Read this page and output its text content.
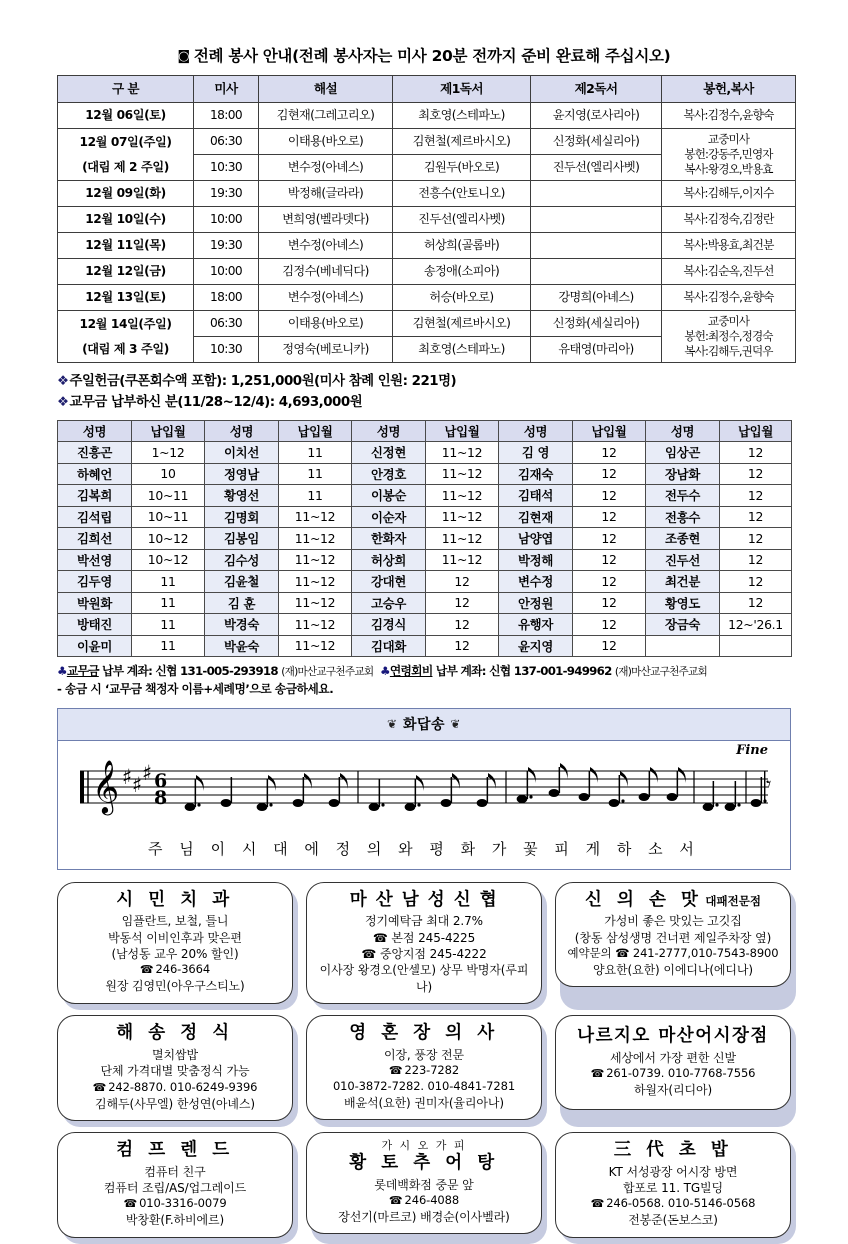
◙ 전례 봉사 안내(전례 봉사자는 미사 20분 전까지 준비 완료해 주십시오)
구 분	미사	해설	제1독서	제2독서	봉헌,복사
12월 06일(토)	18:00	김현재(그레고리오)	최호영(스테파노)	윤지영(로사리아)	복사:김정수,윤향숙
12월 07일(주일)	06:30	이태용(바오로)	김현철(제르바시오)	신정화(세실리아)	교중미사
봉헌:강동주,민영자
복사:왕경오,박용효

(대림 제 2 주일)	10:30	변수정(아녜스)	김원두(바오로)	진두선(엘리사벳)	
12월 09일(화)	19:30	박정해(글라라)	전흥수(안토니오)		복사:김해두,이지수
12월 10일(수)	10:00	변희영(벨라뎃다)	진두선(엘리사벳)		복사:김정숙,김정란
12월 11일(목)	19:30	변수정(아녜스)	허상희(골롬바)		복사:박용효,최건분
12월 12일(금)	10:00	김정수(베네딕다)	송정애(소피아)		복사:김순옥,진두선
12월 13일(토)	18:00	변수정(아녜스)	허승(바오로)	강명희(아녜스)	복사:김정수,윤향숙
12월 14일(주일)	06:30	이태용(바오로)	김현철(제르바시오)	신정화(세실리아)	교중미사
봉헌:최정수,정경숙
복사:김해두,권덕우

(대림 제 3 주일)	10:30	정영숙(베로니카)	최호영(스테파노)	유태영(마리아)	
❖주일헌금(쿠폰회수액 포함): 1,251,000원(미사 참례 인원: 221명)
❖교무금 납부하신 분(11/28~12/4): 4,693,000원
성명	납입월	성명	납입월	성명	납입월	성명	납입월	성명	납입월
진흥곤	1~12	이치선	11	신정현	11~12	김 영	12	임상곤	12
하혜언	10	정영남	11	안경호	11~12	김재숙	12	장남화	12
김복희	10~11	황영선	11	이봉순	11~12	김태석	12	전두수	12
김석립	10~11	김명회	11~12	이순자	11~12	김현재	12	전흥수	12
김희선	10~12	김봉임	11~12	한화자	11~12	남양엽	12	조종현	12
박선영	10~12	김수성	11~12	허상희	11~12	박정해	12	진두선	12
김두영	11	김윤철	11~12	강대현	12	변수정	12	최건분	12
박원화	11	김 훈	11~12	고승우	12	안정원	12	황영도	12
방태진	11	박경숙	11~12	김경식	12	유행자	12	장금숙	12~'26.1
이윤미	11	박윤숙	11~12	김대화	12	윤지영	12		
♣교무금 납부 계좌: 신협 131-005-293918 (재)마산교구천주교회 ♣연령회비 납부 계좌: 신협 137-001-949962 (재)마산교구천주교회
- 송금 시 ‘교무금 책정자 이름+세례명’으로 송금하세요.
❦ 화답송 ❦
Fine
𝄞 ♯ ♯ ♯ 6
8
𝄾
주 님 이 시 대 에 정 의 와 평 화 가 꽃 피 게 하 소 서
시 민 치 과
임플란트, 보철, 틀니
박동석 이비인후과 맞은편
(남성동 교우 20% 할인)
☎ 246-3664
원장 김영민(아우구스티노)
마 산 남 성 신 협
정기예탁금 최대 2.7%
☎ 본점 245-4225
☎ 중앙지점 245-4222
이사장 왕경오(안셀모) 상무 박명자(루피나)
신 의 손 맛 대패전문점
가성비 좋은 맛있는 고깃집
(창동 삼성생명 건너편 제일주차장 옆)
예약문의 ☎ 241-2777,010-7543-8900
양요한(요한) 이에디나(에디나)
해 송 정 식
멸치쌈밥
단체 가격대별 맞춤정식 가능
☎ 242-8870. 010-6249-9396
김해두(사무엘) 한성연(아녜스)
영 혼 장 의 사
이장, 풍장 전문
☎ 223-7282
010-3872-7282. 010-4841-7281
배윤석(요한) 권미자(율리아나)
나르지오 마산어시장점
세상에서 가장 편한 신발
☎ 261-0739. 010-7768-7556
하월자(리디아)
컴 프 렌 드
컴퓨터 친구
컴퓨터 조립/AS/업그레이드
☎ 010-3316-0079
박창환(F.하비에르)
가 시 오 가 피
황 토 추 어 탕
롯데백화점 중문 앞
☎ 246-4088
장선기(마르코) 배경순(이사벨라)
三 代 초 밥
KT 서성광장 어시장 방면
합포로 11. TG빌딩
☎ 246-0568. 010-5146-0568
전봉준(돈보스코)
